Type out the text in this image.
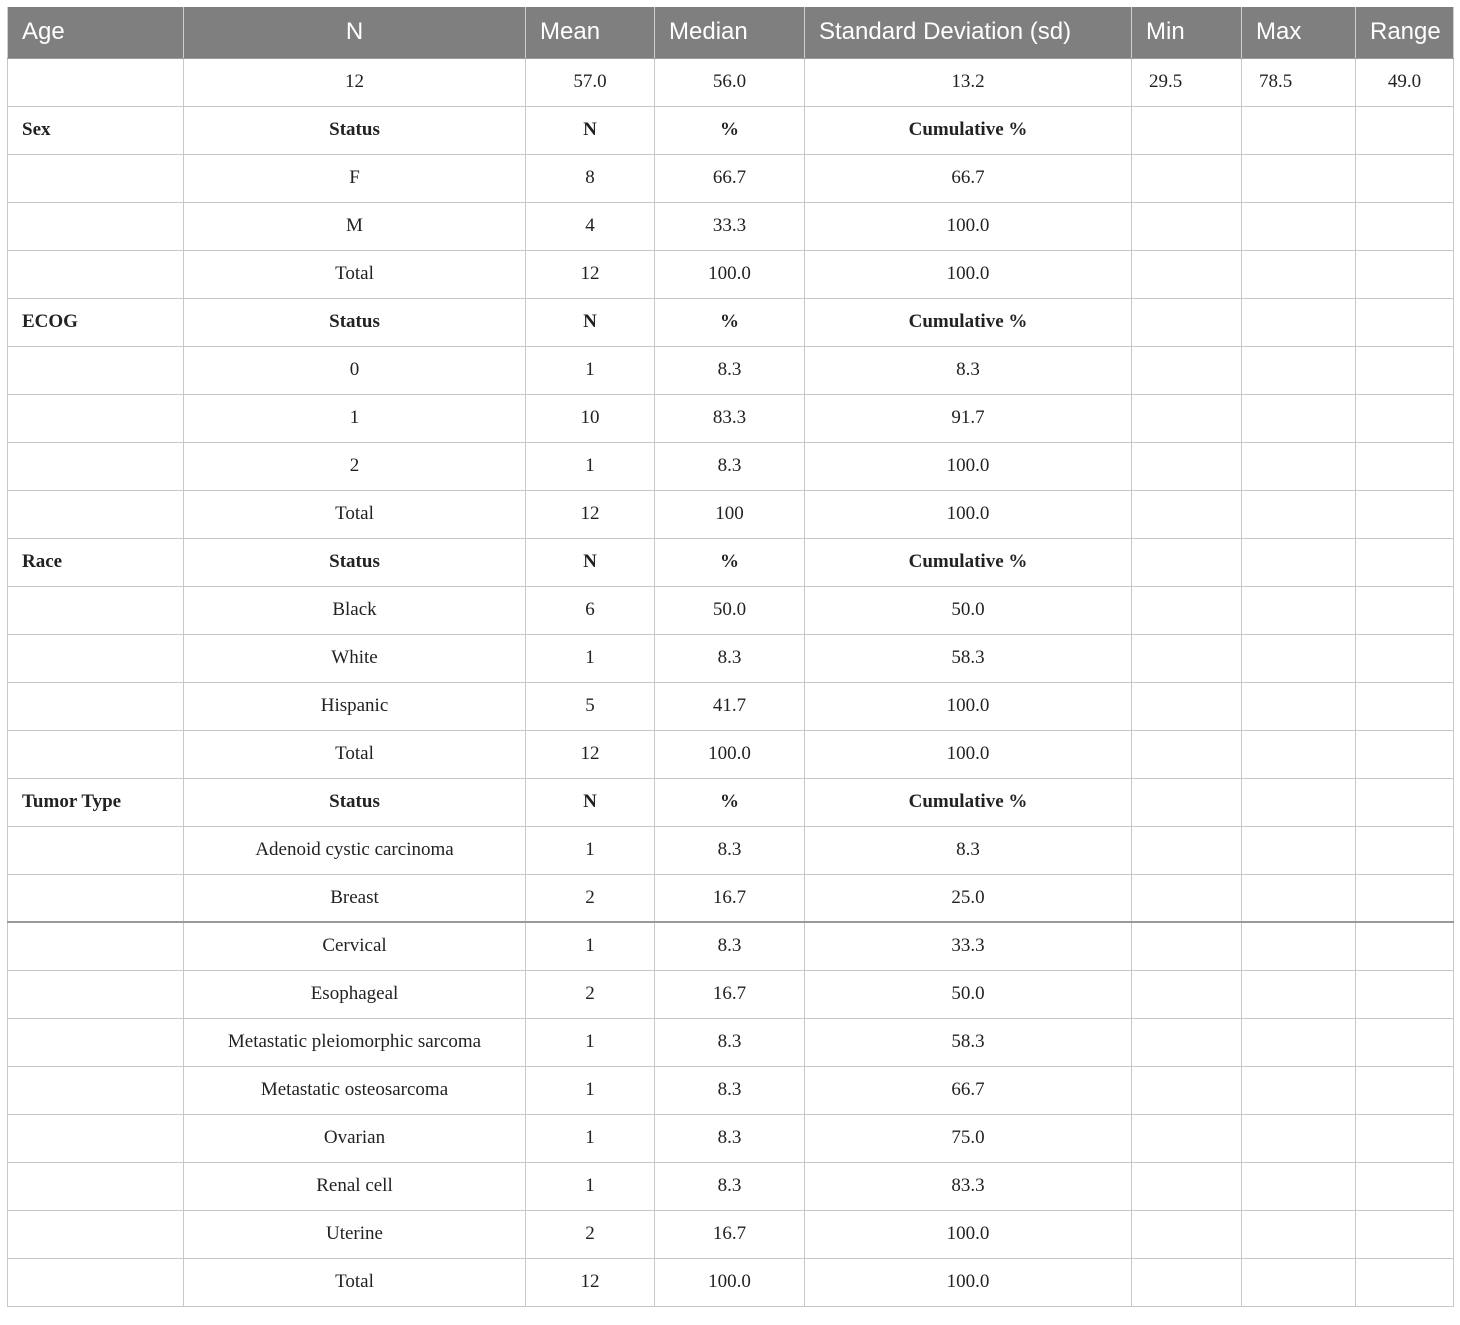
Age	N	Mean	Median	Standard Deviation (sd)	Min	Max	Range
	12	57.0	56.0	13.2	29.5	78.5	49.0
Sex	Status	N	%	Cumulative %			
	F	8	66.7	66.7			
	M	4	33.3	100.0			
	Total	12	100.0	100.0			
ECOG	Status	N	%	Cumulative %			
	0	1	8.3	8.3			
	1	10	83.3	91.7			
	2	1	8.3	100.0			
	Total	12	100	100.0			
Race	Status	N	%	Cumulative %			
	Black	6	50.0	50.0			
	White	1	8.3	58.3			
	Hispanic	5	41.7	100.0			
	Total	12	100.0	100.0			
Tumor Type	Status	N	%	Cumulative %			
	Adenoid cystic carcinoma	1	8.3	8.3			
	Breast	2	16.7	25.0			
	Cervical	1	8.3	33.3			
	Esophageal	2	16.7	50.0			
	Metastatic pleiomorphic sarcoma	1	8.3	58.3			
	Metastatic osteosarcoma	1	8.3	66.7			
	Ovarian	1	8.3	75.0			
	Renal cell	1	8.3	83.3			
	Uterine	2	16.7	100.0			
	Total	12	100.0	100.0			
